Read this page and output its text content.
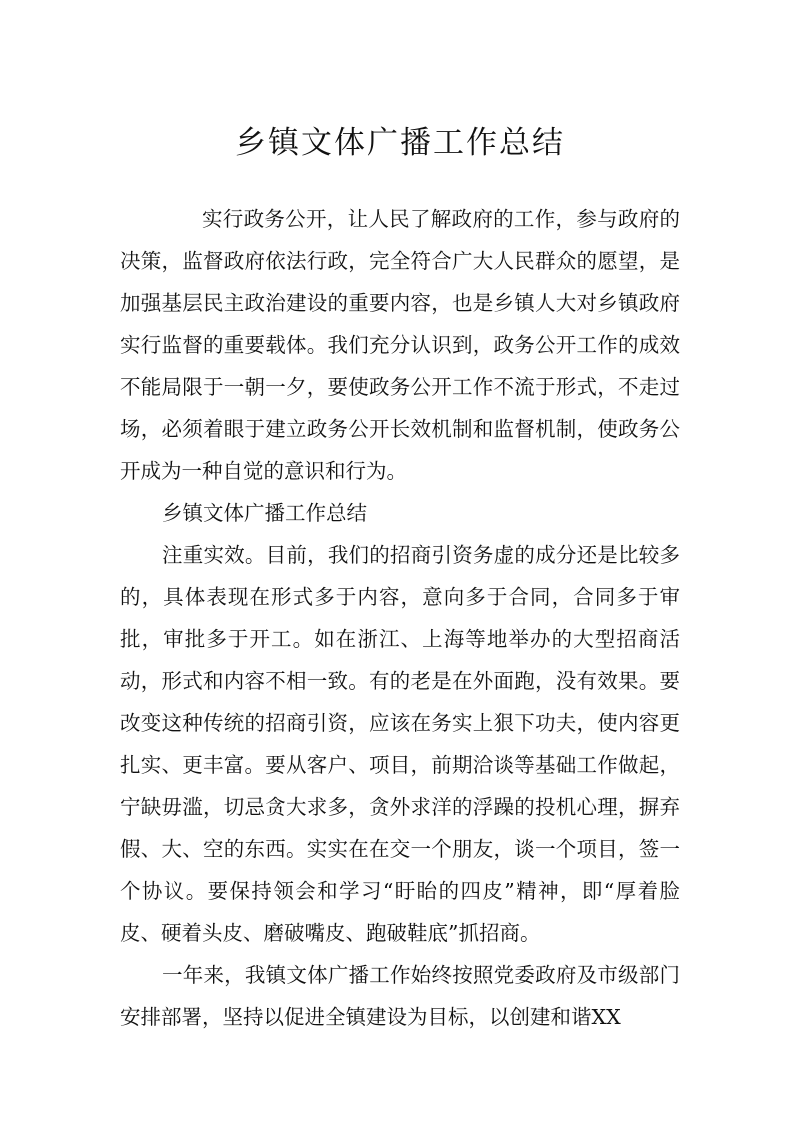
乡镇文体广播工作总结

实行政务公开，让人民了解政府的工作，参与政府的决策，监督政府依法行政，完全符合广大人民群众的愿望，是加强基层民主政治建设的重要内容，也是乡镇人大对乡镇政府实行监督的重要载体。我们充分认识到，政务公开工作的成效不能局限于一朝一夕，要使政务公开工作不流于形式，不走过场，必须着眼于建立政务公开长效机制和监督机制，使政务公开成为一种自觉的意识和行为。

乡镇文体广播工作总结

注重实效。目前，我们的招商引资务虚的成分还是比较多的，具体表现在形式多于内容，意向多于合同，合同多于审批，审批多于开工。如在浙江、上海等地举办的大型招商活动，形式和内容不相一致。有的老是在外面跑，没有效果。要改变这种传统的招商引资，应该在务实上狠下功夫，使内容更扎实、更丰富。要从客户、项目，前期洽谈等基础工作做起，宁缺毋滥，切忌贪大求多，贪外求洋的浮躁的投机心理，摒弃假、大、空的东西。实实在在交一个朋友，谈一个项目，签一个协议。要保持领会和学习“盱眙的四皮”精神，即“厚着脸皮、硬着头皮、磨破嘴皮、跑破鞋底”抓招商。

一年来，我镇文体广播工作始终按照党委政府及市级部门安排部署，坚持以促进全镇建设为目标，以创建和谐XX
